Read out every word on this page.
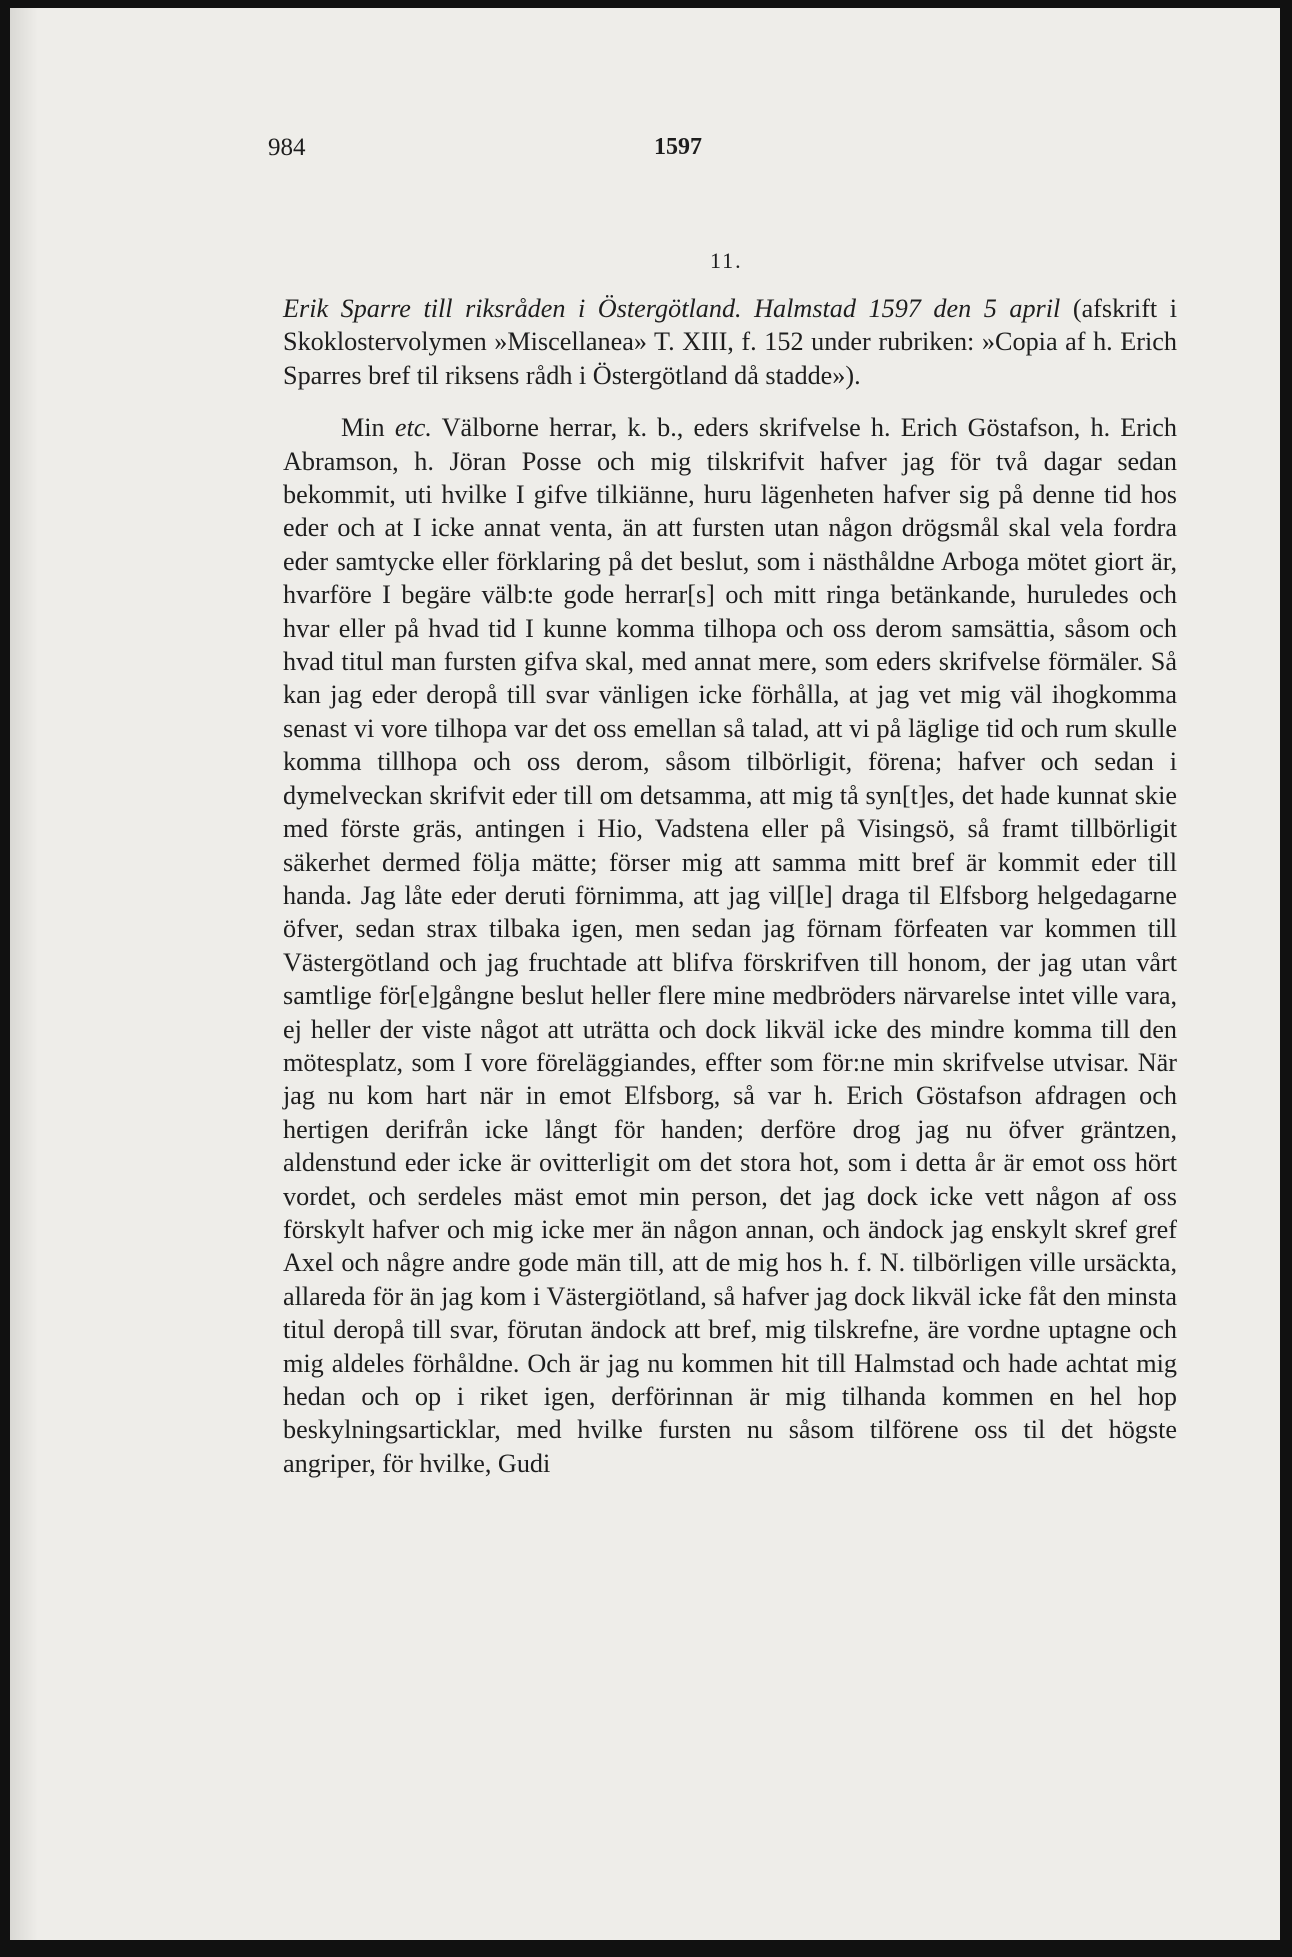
984	1597
11.

Erik Sparre till riksråden i Östergötland. Halmstad 1597 den 5 april (afskrift i Skoklostervolymen »Miscellanea» T. XIII, f. 152 under rubriken: »Copia af h. Erich Sparres bref til riksens rådh i Östergötland då stadde»).

Min etc. Välborne herrar, k. b., eders skrifvelse h. Erich Göstafson, h. Erich Abramson, h. Jöran Posse och mig tilskrifvit hafver jag för två dagar sedan bekommit, uti hvilke I gifve tilkiänne, huru lägenheten hafver sig på denne tid hos eder och at I icke annat venta, än att fursten utan någon drögsmål skal vela fordra eder samtycke eller förklaring på det beslut, som i nästhåldne Arboga mötet giort är, hvarföre I begäre välb:te gode herrar[s] och mitt ringa betänkande, huruledes och hvar eller på hvad tid I kunne komma tilhopa och oss derom samsättia, såsom och hvad titul man fursten gifva skal, med annat mere, som eders skrifvelse förmäler. Så kan jag eder deropå till svar vänligen icke förhålla, at jag vet mig väl ihogkomma senast vi vore tilhopa var det oss emellan så talad, att vi på läglige tid och rum skulle komma tillhopa och oss derom, såsom tilbörligit, förena; hafver och sedan i dymelveckan skrifvit eder till om detsamma, att mig tå syn[t]es, det hade kunnat skie med förste gräs, antingen i Hio, Vadstena eller på Visingsö, så framt tillbörligit säkerhet dermed följa mätte; förser mig att samma mitt bref är kommit eder till handa. Jag låte eder deruti förnimma, att jag vil[le] draga til Elfsborg helgedagarne öfver, sedan strax tilbaka igen, men sedan jag förnam förfeaten var kommen till Västergötland och jag fruchtade att blifva förskrifven till honom, der jag utan vårt samtlige för[e]gångne beslut heller flere mine medbröders närvarelse intet ville vara, ej heller der viste något att uträtta och dock likväl icke des mindre komma till den mötesplatz, som I vore föreläggiandes, effter som för:ne min skrifvelse utvisar. När jag nu kom hart när in emot Elfsborg, så var h. Erich Göstafson afdragen och hertigen derifrån icke långt för handen; derföre drog jag nu öfver gräntzen, aldenstund eder icke är ovitterligit om det stora hot, som i detta år är emot oss hört vordet, och serdeles mäst emot min person, det jag dock icke vett någon af oss förskylt hafver och mig icke mer än någon annan, och ändock jag enskylt skref gref Axel och någre andre gode män till, att de mig hos h. f. N. tilbörligen ville ursäckta, allareda för än jag kom i Västergiötland, så hafver jag dock likväl icke fåt den minsta titul deropå till svar, förutan ändock att bref, mig tilskrefne, äre vordne uptagne och mig aldeles förhåldne. Och är jag nu kommen hit till Halmstad och hade achtat mig hedan och op i riket igen, derförinnan är mig tilhanda kommen en hel hop beskylningsarticklar, med hvilke fursten nu såsom tilförene oss til det högste angriper, för hvilke, Gudi
